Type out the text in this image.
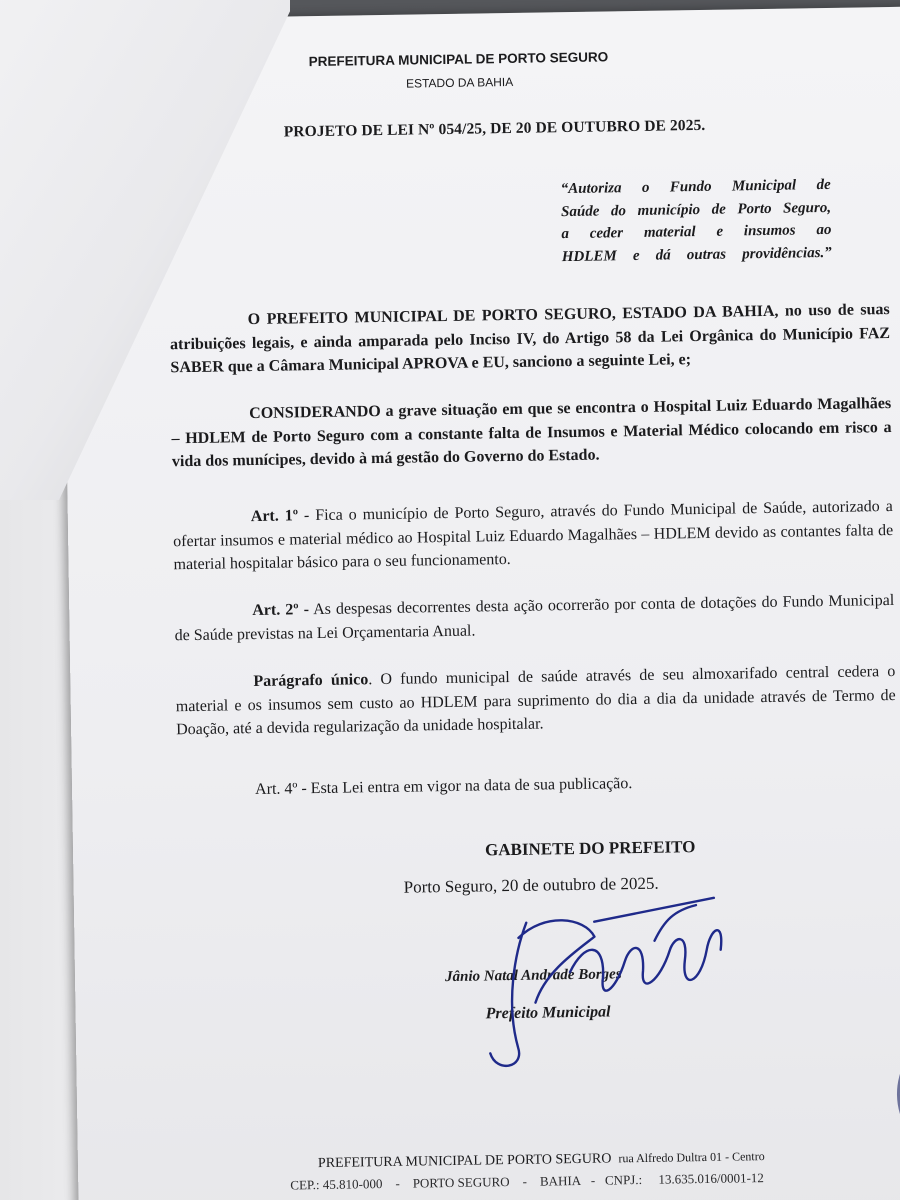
PREFEITURA MUNICIPAL DE PORTO SEGURO
ESTADO DA BAHIA
PROJETO DE LEI Nº 054/25, DE 20 DE OUTUBRO DE 2025.
“Autoriza o Fundo Municipal de
Saúde do município de Porto Seguro,
a ceder material e insumos ao
HDLEM e dá outras providências.”
O PREFEITO MUNICIPAL DE PORTO SEGURO, ESTADO DA BAHIA, no uso de suas atribuições legais, e ainda amparada pelo Inciso IV, do Artigo 58 da Lei Orgânica do Município FAZ SABER que a Câmara Municipal APROVA e EU, sanciono a seguinte Lei, e;
CONSIDERANDO a grave situação em que se encontra o Hospital Luiz Eduardo Magalhães – HDLEM de Porto Seguro com a constante falta de Insumos e Material Médico colocando em risco a vida dos munícipes, devido à má gestão do Governo do Estado.
Art. 1º - Fica o município de Porto Seguro, através do Fundo Municipal de Saúde, autorizado a ofertar insumos e material médico ao Hospital Luiz Eduardo Magalhães – HDLEM devido as contantes falta de material hospitalar básico para o seu funcionamento.
Art. 2º - As despesas decorrentes desta ação ocorrerão por conta de dotações do Fundo Municipal de Saúde previstas na Lei Orçamentaria Anual.
Parágrafo único. O fundo municipal de saúde através de seu almoxarifado central cedera o material e os insumos sem custo ao HDLEM para suprimento do dia a dia da unidade através de Termo de Doação, até a devida regularização da unidade hospitalar.
Art. 4º - Esta Lei entra em vigor na data de sua publicação.
GABINETE DO PREFEITO
Porto Seguro, 20 de outubro de 2025.
Jânio Natal Andrade Borges
Prefeito Municipal
PREFEITURA MUNICIPAL DE PORTO SEGURO rua Alfredo Dultra 01 - Centro
CEP.: 45.810-000 - PORTO SEGURO - BAHIA - CNPJ.: 13.635.016/0001-12
